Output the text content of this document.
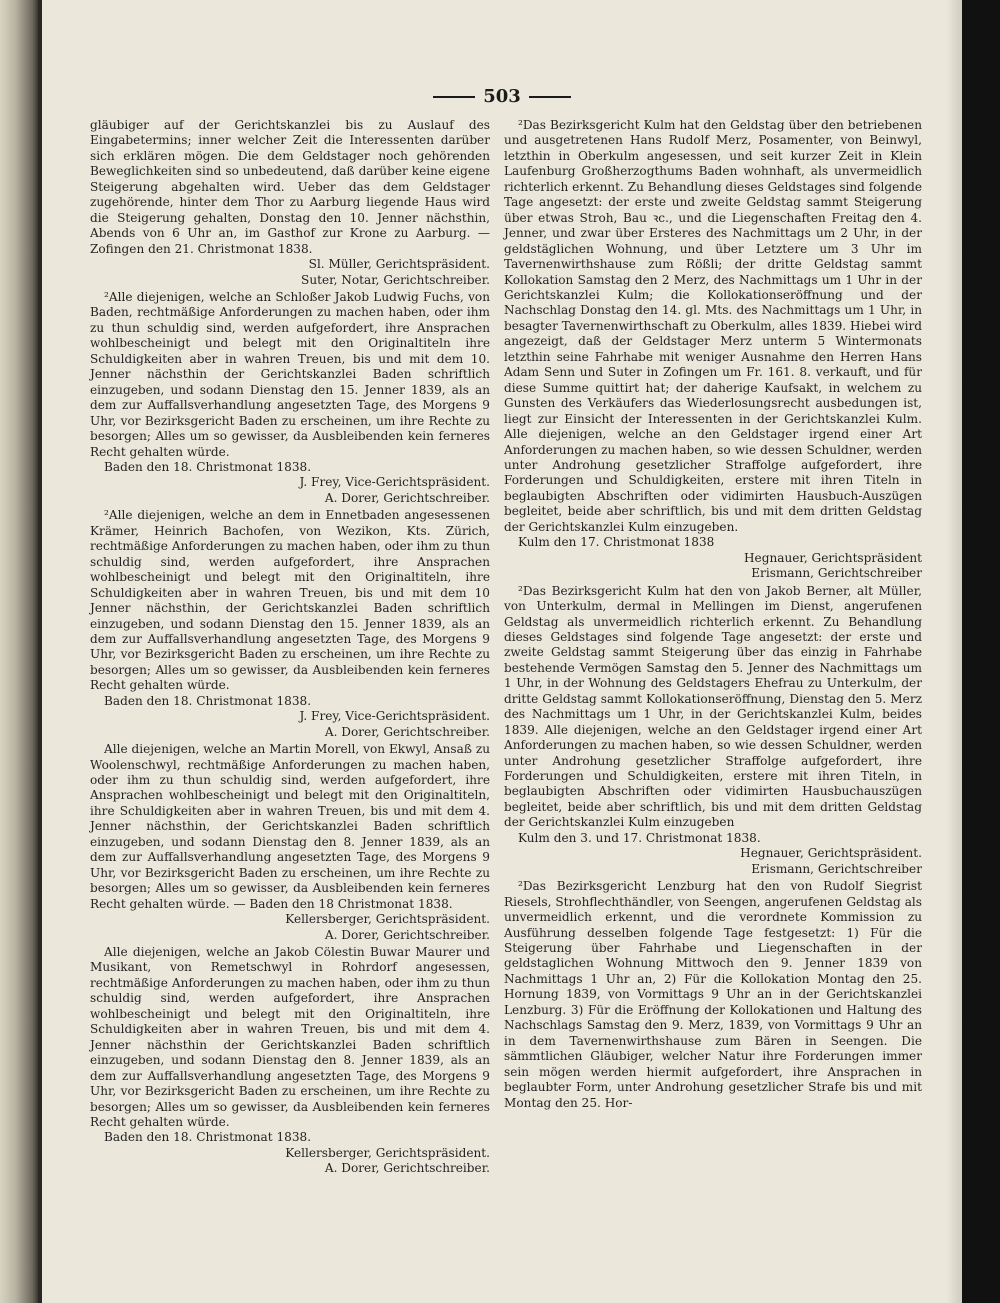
503
gläubiger auf der Gerichtskanzlei bis zu Auslauf des Eingabetermins; inner welcher Zeit die Interessenten darüber sich erklären mögen. Die dem Geldstager noch gehörenden Beweglichkeiten sind so unbedeutend, daß darüber keine eigene Steigerung abgehalten wird. Ueber das dem Geldstager zugehörende, hinter dem Thor zu Aarburg liegende Haus wird die Steigerung gehalten, Donstag den 10. Jenner nächsthin, Abends von 6 Uhr an, im Gasthof zur Krone zu Aarburg. — Zofingen den 21. Christmonat 1838.
Sl. Müller, Gerichtspräsident.
Suter, Notar, Gerichtschreiber.
²Alle diejenigen, welche an Schloßer Jakob Ludwig Fuchs, von Baden, rechtmäßige Anforderungen zu machen haben, oder ihm zu thun schuldig sind, werden aufgefordert, ihre Ansprachen wohlbescheinigt und belegt mit den Originaltiteln ihre Schuldigkeiten aber in wahren Treuen, bis und mit dem 10. Jenner nächsthin der Gerichtskanzlei Baden schriftlich einzugeben, und sodann Dienstag den 15. Jenner 1839, als an dem zur Auffallsverhandlung angesetzten Tage, des Morgens 9 Uhr, vor Bezirksgericht Baden zu erscheinen, um ihre Rechte zu besorgen; Alles um so gewisser, da Ausbleibenden kein ferneres Recht gehalten würde.
Baden den 18. Christmonat 1838.
J. Frey, Vice-Gerichtspräsident.
A. Dorer, Gerichtschreiber.
²Alle diejenigen, welche an dem in Ennetbaden angesessenen Krämer, Heinrich Bachofen, von Wezikon, Kts. Zürich, rechtmäßige Anforderungen zu machen haben, oder ihm zu thun schuldig sind, werden aufgefordert, ihre Ansprachen wohlbescheinigt und belegt mit den Originaltiteln, ihre Schuldigkeiten aber in wahren Treuen, bis und mit dem 10 Jenner nächsthin, der Gerichtskanzlei Baden schriftlich einzugeben, und sodann Dienstag den 15. Jenner 1839, als an dem zur Auffallsverhandlung angesetzten Tage, des Morgens 9 Uhr, vor Bezirksgericht Baden zu erscheinen, um ihre Rechte zu besorgen; Alles um so gewisser, da Ausbleibenden kein ferneres Recht gehalten würde.
Baden den 18. Christmonat 1838.
J. Frey, Vice-Gerichtspräsident.
A. Dorer, Gerichtschreiber.
Alle diejenigen, welche an Martin Morell, von Ekwyl, Ansaß zu Woolenschwyl, rechtmäßige Anforderungen zu machen haben, oder ihm zu thun schuldig sind, werden aufgefordert, ihre Ansprachen wohlbescheinigt und belegt mit den Originaltiteln, ihre Schuldigkeiten aber in wahren Treuen, bis und mit dem 4. Jenner nächsthin, der Gerichtskanzlei Baden schriftlich einzugeben, und sodann Dienstag den 8. Jenner 1839, als an dem zur Auffallsverhandlung angesetzten Tage, des Morgens 9 Uhr, vor Bezirksgericht Baden zu erscheinen, um ihre Rechte zu besorgen; Alles um so gewisser, da Ausbleibenden kein ferneres Recht gehalten würde. — Baden den 18 Christmonat 1838.
Kellersberger, Gerichtspräsident.
A. Dorer, Gerichtschreiber.
Alle diejenigen, welche an Jakob Cölestin Buwar Maurer und Musikant, von Remetschwyl in Rohrdorf angesessen, rechtmäßige Anforderungen zu machen haben, oder ihm zu thun schuldig sind, werden aufgefordert, ihre Ansprachen wohlbescheinigt und belegt mit den Originaltiteln, ihre Schuldigkeiten aber in wahren Treuen, bis und mit dem 4. Jenner nächsthin der Gerichtskanzlei Baden schriftlich einzugeben, und sodann Dienstag den 8. Jenner 1839, als an dem zur Auffallsverhandlung angesetzten Tage, des Morgens 9 Uhr, vor Bezirksgericht Baden zu erscheinen, um ihre Rechte zu besorgen; Alles um so gewisser, da Ausbleibenden kein ferneres Recht gehalten würde.
Baden den 18. Christmonat 1838.
Kellersberger, Gerichtspräsident.
A. Dorer, Gerichtschreiber.
²Das Bezirksgericht Kulm hat den Geldstag über den betriebenen und ausgetretenen Hans Rudolf Merz, Posamenter, von Beinwyl, letzthin in Oberkulm angesessen, und seit kurzer Zeit in Klein Laufenburg Großherzogthums Baden wohnhaft, als unvermeidlich richterlich erkennt. Zu Behandlung dieses Geldstages sind folgende Tage angesetzt: der erste und zweite Geldstag sammt Steigerung über etwas Stroh, Bau ꝛc., und die Liegenschaften Freitag den 4. Jenner, und zwar über Ersteres des Nachmittags um 2 Uhr, in der geldstäglichen Wohnung, und über Letztere um 3 Uhr im Tavernenwirthshause zum Rößli; der dritte Geldstag sammt Kollokation Samstag den 2 Merz, des Nachmittags um 1 Uhr in der Gerichtskanzlei Kulm; die Kollokationseröffnung und der Nachschlag Donstag den 14. gl. Mts. des Nachmittags um 1 Uhr, in besagter Tavernenwirthschaft zu Oberkulm, alles 1839. Hiebei wird angezeigt, daß der Geldstager Merz unterm 5 Wintermonats letzthin seine Fahrhabe mit weniger Ausnahme den Herren Hans Adam Senn und Suter in Zofingen um Fr. 161. 8. verkauft, und für diese Summe quittirt hat; der daherige Kaufsakt, in welchem zu Gunsten des Verkäufers das Wiederlosungsrecht ausbedungen ist, liegt zur Einsicht der Interessenten in der Gerichtskanzlei Kulm. Alle diejenigen, welche an den Geldstager irgend einer Art Anforderungen zu machen haben, so wie dessen Schuldner, werden unter Androhung gesetzlicher Straffolge aufgefordert, ihre Forderungen und Schuldigkeiten, erstere mit ihren Titeln in beglaubigten Abschriften oder vidimirten Hausbuch-Auszügen begleitet, beide aber schriftlich, bis und mit dem dritten Geldstag der Gerichtskanzlei Kulm einzugeben.
Kulm den 17. Christmonat 1838
Hegnauer, Gerichtspräsident
Erismann, Gerichtschreiber
²Das Bezirksgericht Kulm hat den von Jakob Berner, alt Müller, von Unterkulm, dermal in Mellingen im Dienst, angerufenen Geldstag als unvermeidlich richterlich erkennt. Zu Behandlung dieses Geldstages sind folgende Tage angesetzt: der erste und zweite Geldstag sammt Steigerung über das einzig in Fahrhabe bestehende Vermögen Samstag den 5. Jenner des Nachmittags um 1 Uhr, in der Wohnung des Geldstagers Ehefrau zu Unterkulm, der dritte Geldstag sammt Kollokationseröffnung, Dienstag den 5. Merz des Nachmittags um 1 Uhr, in der Gerichtskanzlei Kulm, beides 1839. Alle diejenigen, welche an den Geldstager irgend einer Art Anforderungen zu machen haben, so wie dessen Schuldner, werden unter Androhung gesetzlicher Straffolge aufgefordert, ihre Forderungen und Schuldigkeiten, erstere mit ihren Titeln, in beglaubigten Abschriften oder vidimirten Hausbuchauszügen begleitet, beide aber schriftlich, bis und mit dem dritten Geldstag der Gerichtskanzlei Kulm einzugeben
Kulm den 3. und 17. Christmonat 1838.
Hegnauer, Gerichtspräsident.
Erismann, Gerichtschreiber
²Das Bezirksgericht Lenzburg hat den von Rudolf Siegrist Riesels, Strohflechthändler, von Seengen, angerufenen Geldstag als unvermeidlich erkennt, und die verordnete Kommission zu Ausführung desselben folgende Tage festgesetzt: 1) Für die Steigerung über Fahrhabe und Liegenschaften in der geldstaglichen Wohnung Mittwoch den 9. Jenner 1839 von Nachmittags 1 Uhr an, 2) Für die Kollokation Montag den 25. Hornung 1839, von Vormittags 9 Uhr an in der Gerichtskanzlei Lenzburg. 3) Für die Eröffnung der Kollokationen und Haltung des Nachschlags Samstag den 9. Merz, 1839, von Vormittags 9 Uhr an in dem Tavernenwirthshause zum Bären in Seengen. Die sämmtlichen Gläubiger, welcher Natur ihre Forderungen immer sein mögen werden hiermit aufgefordert, ihre Ansprachen in beglaubter Form, unter Androhung gesetzlicher Strafe bis und mit Montag den 25. Hor-
